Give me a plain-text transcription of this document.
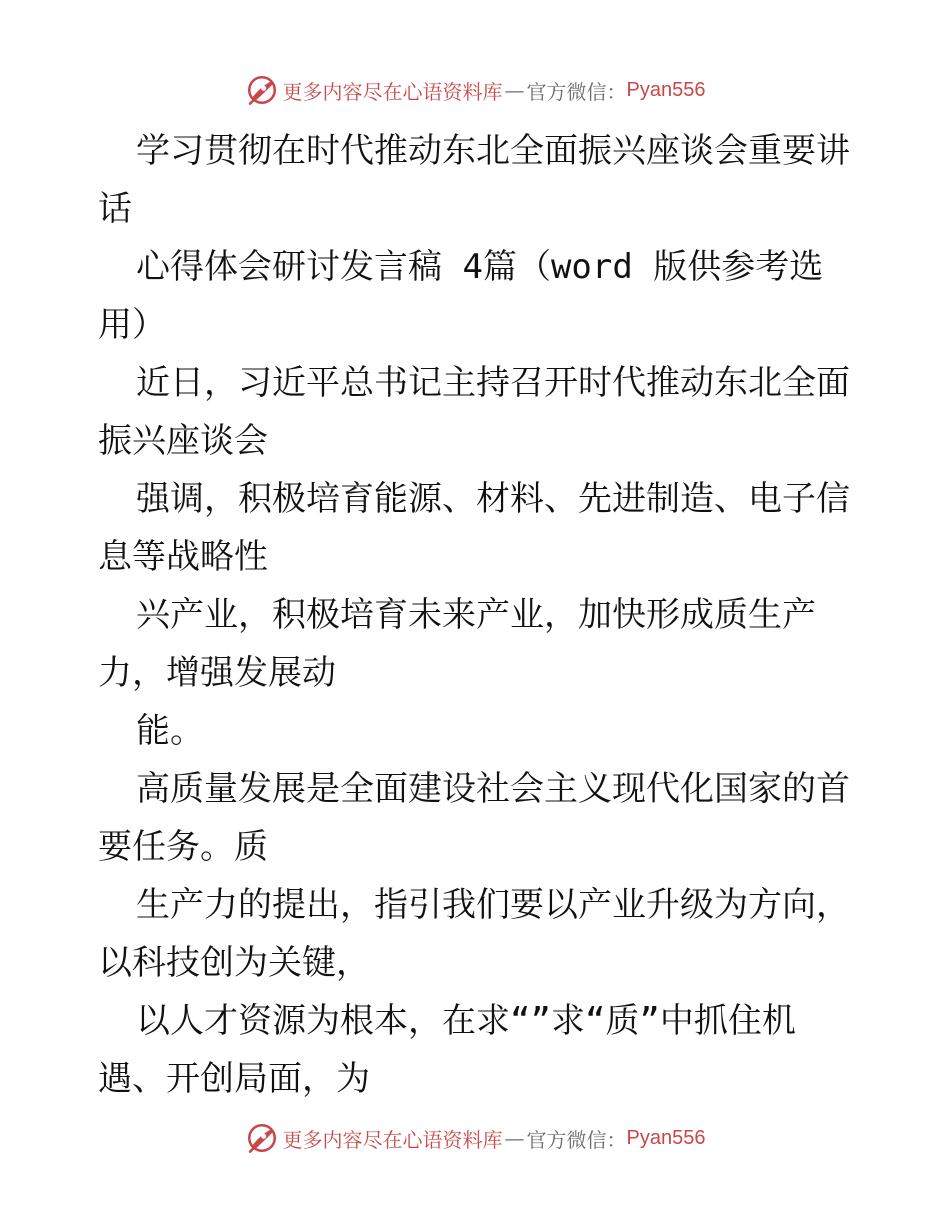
更多内容尽在心语资料库 — 官方微信： Pyan556

学习贯彻在时代推动东北全面振兴座谈会重要讲话

心得体会研讨发言稿 4篇（word 版供参考选用）

近日，习近平总书记主持召开时代推动东北全面振兴座谈会

强调，积极培育能源、材料、先进制造、电子信息等战略性

兴产业，积极培育未来产业，加快形成质生产力，增强发展动

能。

高质量发展是全面建设社会主义现代化国家的首要任务。质

生产力的提出，指引我们要以产业升级为方向，以科技创为关键，

以人才资源为根本，在求“”求“质”中抓住机遇、开创局面，为

更多内容尽在心语资料库 — 官方微信： Pyan556
